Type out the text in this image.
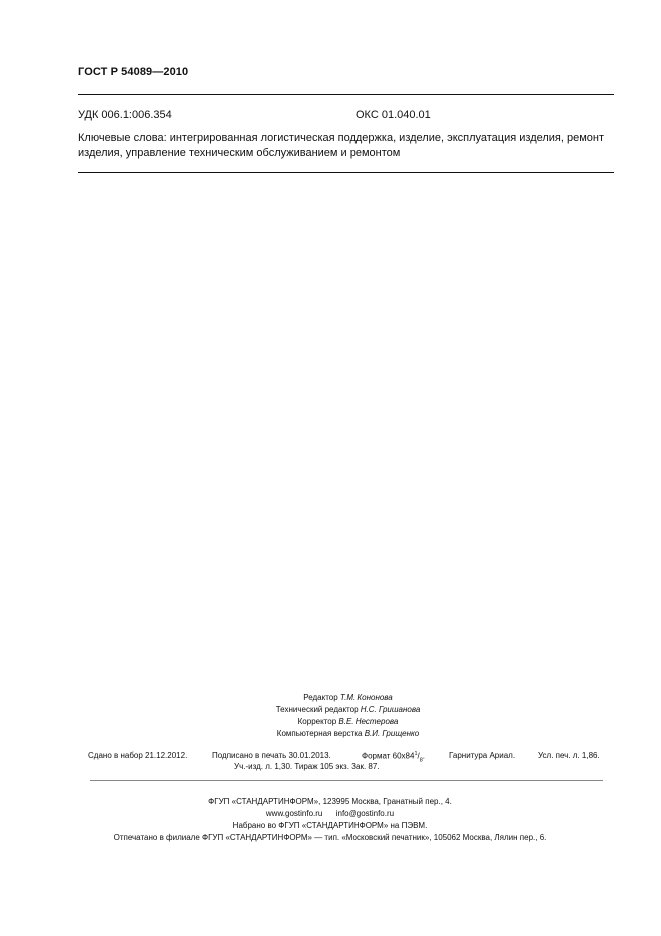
ГОСТ Р 54089—2010
УДК 006.1:006.354	ОКС 01.040.01
Ключевые слова: интегрированная логистическая поддержка, изделие, эксплуатация изделия, ремонт изделия, управление техническим обслуживанием и ремонтом
Редактор Т.М. Кононова
Технический редактор Н.С. Гришанова
Корректор В.Е. Нестерова
Компьютерная верстка В.И. Грищенко
Сдано в набор 21.12.2012.	Подписано в печать 30.01.2013.	Формат $60х84^1/_8$.	Гарнитура Ариал.	Усл. печ. л. 1,86.
Уч.-изд. л. 1,30. Тираж 105 экз. Зак. 87.
ФГУП «СТАНДАРТИНФОРМ», 123995 Москва, Гранатный пер., 4.
www.gostinfo.ru info@gostinfo.ru
Набрано во ФГУП «СТАНДАРТИНФОРМ» на ПЭВМ.
Отпечатано в филиале ФГУП «СТАНДАРТИНФОРМ» — тип. «Московский печатник», 105062 Москва, Лялин пер., 6.
